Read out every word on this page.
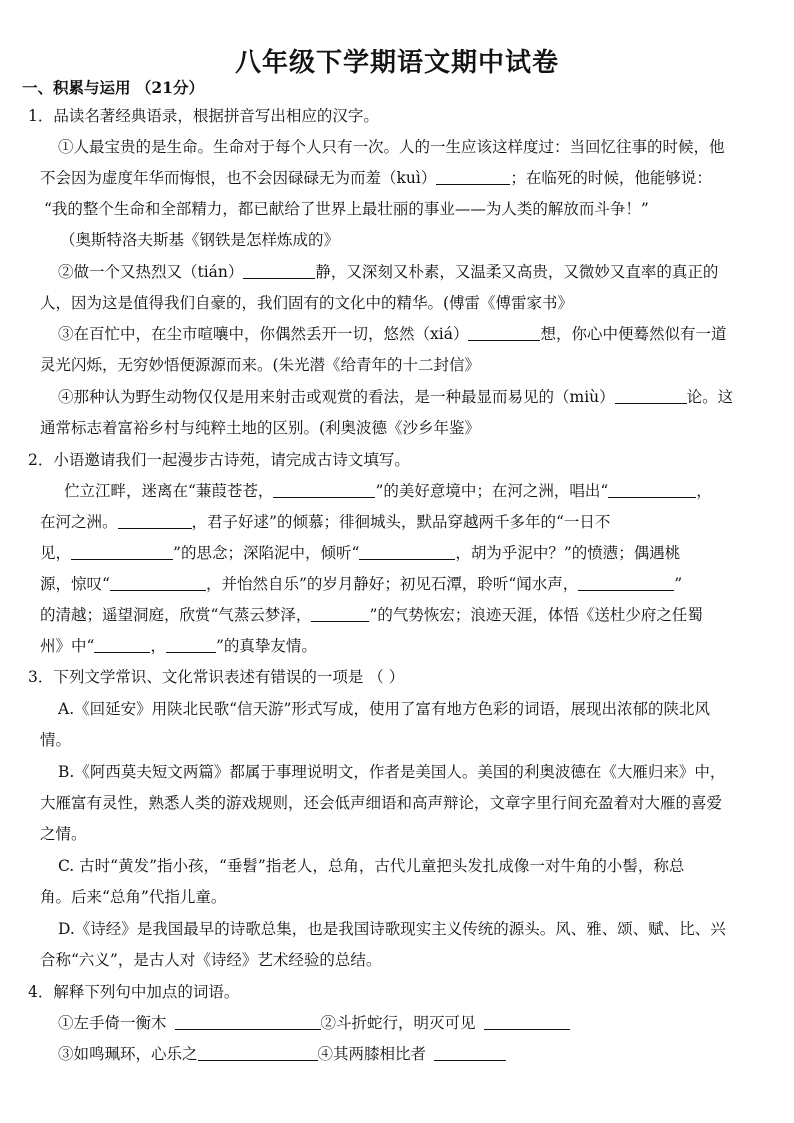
八年级下学期语文期中试卷
一、积累与运用 （21分）
1．品读名著经典语录，根据拼音写出相应的汉字。
①人最宝贵的是生命。生命对于每个人只有一次。人的一生应该这样度过：当回忆往事的时候，他
不会因为虚度年华而悔恨，也不会因碌碌无为而羞（kuì）	；在临死的时候，他能够说：
“我的整个生命和全部精力，都已献给了世界上最壮丽的事业——为人类的解放而斗争！”
（奥斯特洛夫斯基《钢铁是怎样炼成的》
②做一个又热烈又（tián）	静，又深刻又朴素，又温柔又高贵，又微妙又直率的真正的
人，因为这是值得我们自豪的，我们固有的文化中的精华。(傅雷《傅雷家书》
③在百忙中，在尘市喧嚷中，你偶然丢开一切，悠然（xiá）	想，你心中便蓦然似有一道
灵光闪烁，无穷妙悟便源源而来。(朱光潜《给青年的十二封信》
④那种认为野生动物仅仅是用来射击或观赏的看法，是一种最显而易见的（miù）	论。这
通常标志着富裕乡村与纯粹土地的区别。(利奥波德《沙乡年鉴》
2．小语邀请我们一起漫步古诗苑，请完成古诗文填写。
伫立江畔，迷离在“蒹葭苍苍，	”的美好意境中；在河之洲，唱出“	，
在河之洲。	，君子好逑”的倾慕；徘徊城头，默品穿越两千多年的“一日不
见，	”的思念；深陷泥中，倾听“	，胡为乎泥中？”的愤懑；偶遇桃
源，惊叹“	，并怡然自乐”的岁月静好；初见石潭，聆听“闻水声，	”
的清越；遥望洞庭，欣赏“气蒸云梦泽，	”的气势恢宏；浪迹天涯，体悟《送杜少府之任蜀
州》中“	，	”的真挚友情。
3．下列文学常识、文化常识表述有错误的一项是 （ ）
A.《回延安》用陕北民歌“信天游”形式写成，使用了富有地方色彩的词语，展现出浓郁的陕北风
情。
B.《阿西莫夫短文两篇》都属于事理说明文，作者是美国人。美国的利奥波德在《大雁归来》中，
大雁富有灵性，熟悉人类的游戏规则，还会低声细语和高声辩论，文章字里行间充盈着对大雁的喜爱
之情。
C. 古时“黄发”指小孩，“垂髫”指老人，总角，古代儿童把头发扎成像一对牛角的小髻，称总
角。后来“总角”代指儿童。
D.《诗经》是我国最早的诗歌总集，也是我国诗歌现实主义传统的源头。风、雅、颂、赋、比、兴
合称“六义”，是古人对《诗经》艺术经验的总结。
4．解释下列句中加点的词语。
①左手倚一衡木	②斗折蛇行，明灭可见
③如鸣珮环，心乐之	④其两膝相比者
